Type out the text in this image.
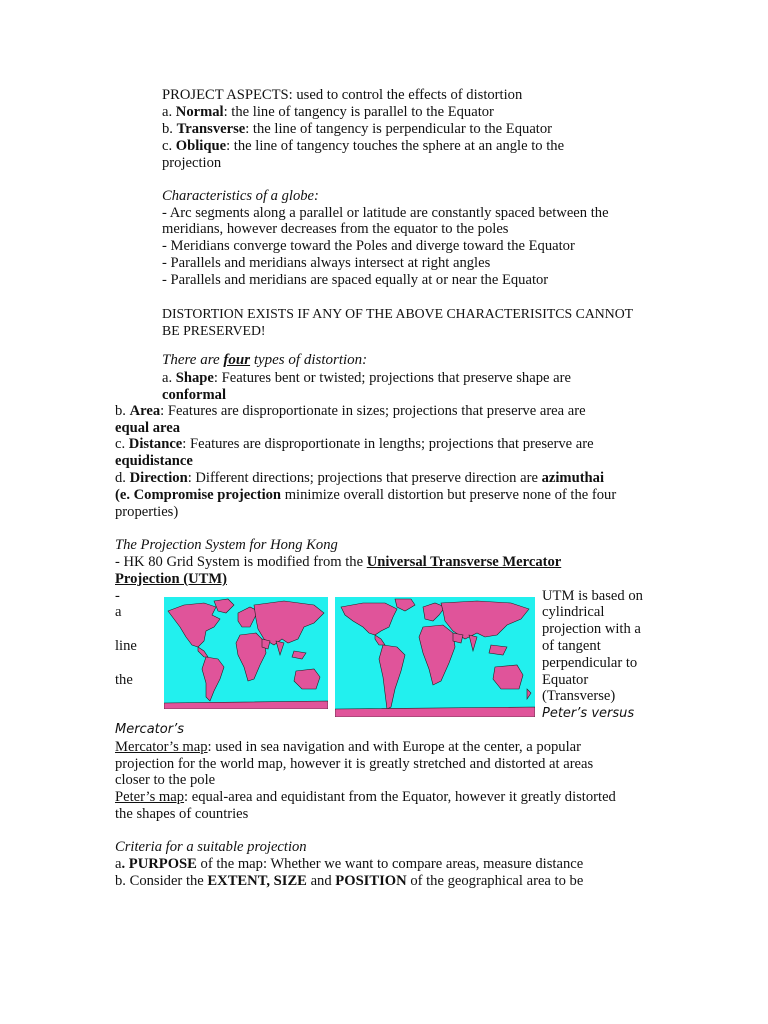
PROJECT ASPECTS: used to control the effects of distortion
a. Normal: the line of tangency is parallel to the Equator
b. Transverse: the line of tangency is perpendicular to the Equator
c. Oblique: the line of tangency touches the sphere at an angle to the
projection
Characteristics of a globe:
- Arc segments along a parallel or latitude are constantly spaced between the
meridians, however decreases from the equator to the poles
- Meridians converge toward the Poles and diverge toward the Equator
- Parallels and meridians always intersect at right angles
- Parallels and meridians are spaced equally at or near the Equator
DISTORTION EXISTS IF ANY OF THE ABOVE CHARACTERISITCS CANNOT
BE PRESERVED!
There are four types of distortion:
a. Shape: Features bent or twisted; projections that preserve shape are
conformal
b. Area: Features are disproportionate in sizes; projections that preserve area are
equal area
c. Distance: Features are disproportionate in lengths; projections that preserve are
equidistance
d. Direction: Different directions; projections that preserve direction are azimuthai
(e. Compromise projection minimize overall distortion but preserve none of the four
properties)
The Projection System for Hong Kong
- HK 80 Grid System is modified from the Universal Transverse Mercator
Projection (UTM)
-
a
line
the
UTM is based on
cylindrical
projection with a
of tangent
perpendicular to
Equator
(Transverse)
Peter’s versus
Mercator’s
Mercator’s map: used in sea navigation and with Europe at the center, a popular
projection for the world map, however it is greatly stretched and distorted at areas
closer to the pole
Peter’s map: equal-area and equidistant from the Equator, however it greatly distorted
the shapes of countries
Criteria for a suitable projection
a. PURPOSE of the map: Whether we want to compare areas, measure distance
b. Consider the EXTENT, SIZE and POSITION of the geographical area to be
